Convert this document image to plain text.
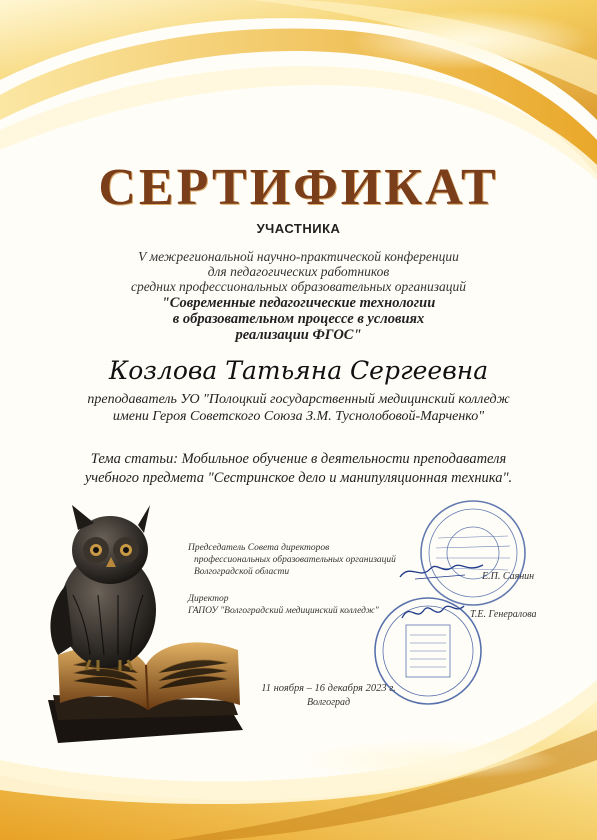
СЕРТИФИКАТ

УЧАСТНИКА

V межрегиональной научно-практической конференции

для педагогических работников

средних профессиональных образовательных организаций

"Современные педагогические технологии

в образовательном процессе в условиях

реализации ФГОС"

Козлова Татьяна Сергеевна

преподаватель УО "Полоцкий государственный медицинский колледж

имени Героя Советского Союза З.М. Туснолобовой-Марченко"

Тема статьи: Мобильное обучение в деятельности преподавателя

учебного предмета "Сестринское дело и манипуляционная техника".

Председатель Совета директоров

профессиональных образовательных организаций

Волгоградской области	Е.П. Саянин

Директор

ГАПОУ "Волгоградский медицинский колледж"	Т.Е. Генералова

11 ноября – 16 декабря 2023 г.

Волгоград
